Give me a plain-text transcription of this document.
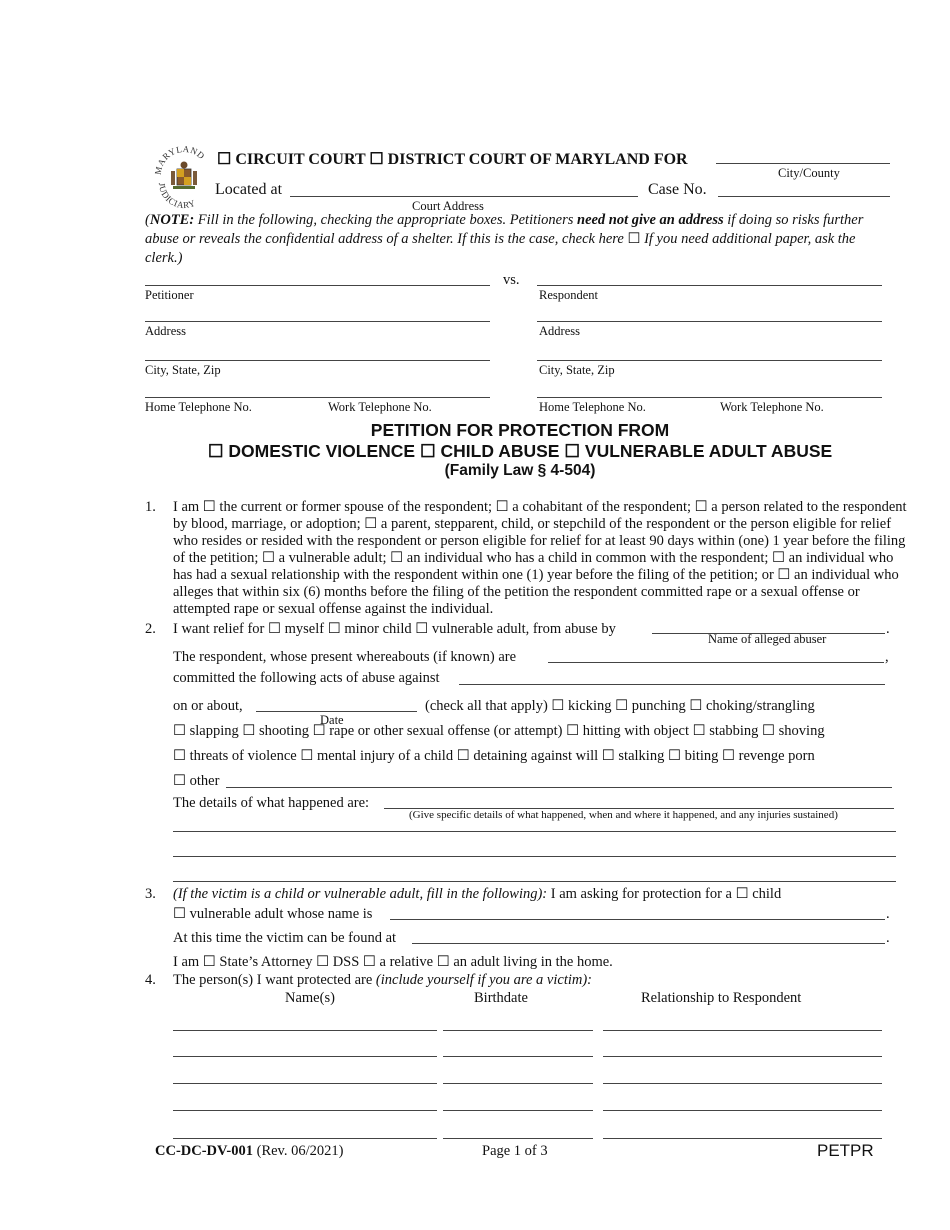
MARYLAND
JUDICIARY
☐ CIRCUIT COURT ☐ DISTRICT COURT OF MARYLAND FOR
City/County
Located at
Court Address
Case No.
(NOTE: Fill in the following, checking the appropriate boxes. Petitioners need not give an address if doing so risks further abuse or reveals the confidential address of a shelter. If this is the case, check here ☐ If you need additional paper, ask the clerk.)
vs.
Petitioner	Respondent
Address	Address
City, State, Zip	City, State, Zip
Home Telephone No.	Work Telephone No.	Home Telephone No.	Work Telephone No.
PETITION FOR PROTECTION FROM
☐ DOMESTIC VIOLENCE ☐ CHILD ABUSE ☐ VULNERABLE ADULT ABUSE
(Family Law § 4-504)
1. I am ☐ the current or former spouse of the respondent; ☐ a cohabitant of the respondent; ☐ a person related to the respondent by blood, marriage, or adoption; ☐ a parent, stepparent, child, or stepchild of the respondent or the person eligible for relief who resides or resided with the respondent or person eligible for relief for at least 90 days within (one) 1 year before the filing of the petition; ☐ a vulnerable adult; ☐ an individual who has a child in common with the respondent; ☐ an individual who has had a sexual relationship with the respondent within one (1) year before the filing of the petition; or ☐ an individual who alleges that within six (6) months before the filing of the petition the respondent committed rape or a sexual offense or attempted rape or sexual offense against the individual.
2. I want relief for ☐ myself ☐ minor child ☐ vulnerable adult, from abuse by	.
Name of alleged abuser
The respondent, whose present whereabouts (if known) are	,
committed the following acts of abuse against
on or about,
Date
(check all that apply) ☐ kicking ☐ punching ☐ choking/strangling
☐ slapping ☐ shooting ☐ rape or other sexual offense (or attempt) ☐ hitting with object ☐ stabbing ☐ shoving
☐ threats of violence ☐ mental injury of a child ☐ detaining against will ☐ stalking ☐ biting ☐ revenge porn
☐ other
The details of what happened are:
(Give specific details of what happened, when and where it happened, and any injuries sustained)
3. (If the victim is a child or vulnerable adult, fill in the following): I am asking for protection for a ☐ child
☐ vulnerable adult whose name is	.
At this time the victim can be found at	.
I am ☐ State’s Attorney ☐ DSS ☐ a relative ☐ an adult living in the home.
4. The person(s) I want protected are (include yourself if you are a victim):
Name(s)	Birthdate	Relationship to Respondent
CC-DC-DV-001 (Rev. 06/2021)	Page 1 of 3	PETPR
